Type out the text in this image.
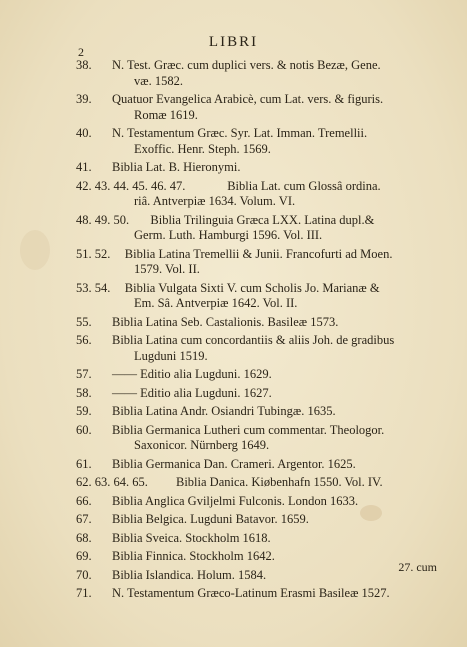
LIBRI
2
38. N. Test. Græc. cum duplici vers. & notis Bezæ, Gene.
væ. 1582.
39. Quatuor Evangelica Arabicè, cum Lat. vers. & figuris.
Romæ 1619.
40. N. Testamentum Græc. Syr. Lat. Imman. Tremellii.
Exoffic. Henr. Steph. 1569.
41. Biblia Lat. B. Hieronymi.
42. 43. 44. 45. 46. 47.	Biblia Lat. cum Glossâ ordina.
riâ. Antverpiæ 1634. Volum. VI.
48. 49. 50. Biblia Trilinguia Græca LXX. Latina dupl.&
Germ. Luth. Hamburgi 1596. Vol. III.
51. 52. Biblia Latina Tremellii & Junii. Francofurti ad Moen.
1579. Vol. II.
53. 54. Biblia Vulgata Sixti V. cum Scholis Jo. Marianæ &
Em. Sâ. Antverpiæ 1642. Vol. II.
55. Biblia Latina Seb. Castalionis. Basileæ 1573.
56. Biblia Latina cum concordantiis & aliis Joh. de gradibus
Lugduni 1519.
57. —— Editio alia Lugduni. 1629.
58. —— Editio alia Lugduni. 1627.
59. Biblia Latina Andr. Osiandri Tubingæ. 1635.
60. Biblia Germanica Lutheri cum commentar. Theologor.
Saxonicor. Nürnberg 1649.
61. Biblia Germanica Dan. Crameri. Argentor. 1625.
62. 63. 64. 65. Biblia Danica. Kiøbenhafn 1550. Vol. IV.
66. Biblia Anglica Gviljelmi Fulconis. London 1633.
67. Biblia Belgica. Lugduni Batavor. 1659.
68. Biblia Sveica. Stockholm 1618.
69. Biblia Finnica. Stockholm 1642.
70. Biblia Islandica. Holum. 1584.
71. N. Testamentum Græco-Latinum Erasmi Basileæ 1527.
27. cum
